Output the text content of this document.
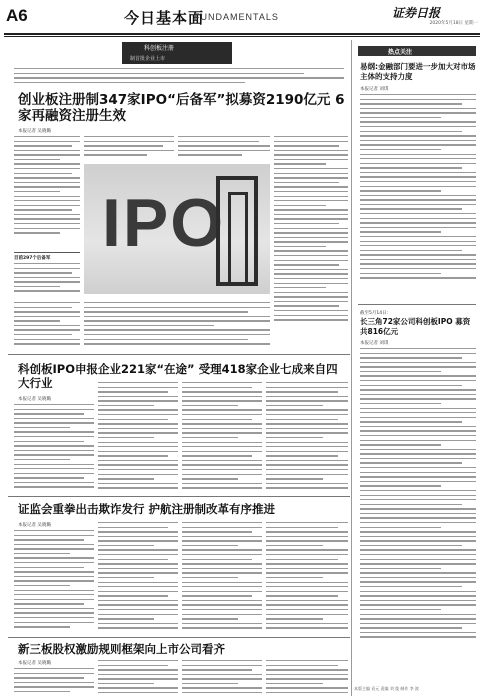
A6	今日基本面
FUNDAMENTALS	证券日报
2020年5月18日 星期一
科创板注册
制首批企业上市
创业板注册制347家IPO“后备军”拟募资2190亿元 6家再融资注册生效
本报记者 吴晓璐
IPO
目前297个后备军
科创板IPO申报企业221家“在途” 受理418家企业七成来自四大行业
本报记者 吴晓璐
证监会重拳出击欺诈发行 护航注册制改革有序推进
本报记者 吴晓璐
新三板股权激励规则框架向上市公司看齐
本报记者 吴晓璐
热点关注
易纲:金融部门要进一步加大对市场主体的支持力度
本报记者 刘琪
截至5月14日:
长三角72家公司科创板IPO 募资共816亿元
本报记者 刘琪
本版主编 袁元 责编 刘 俊 制作 李 波
